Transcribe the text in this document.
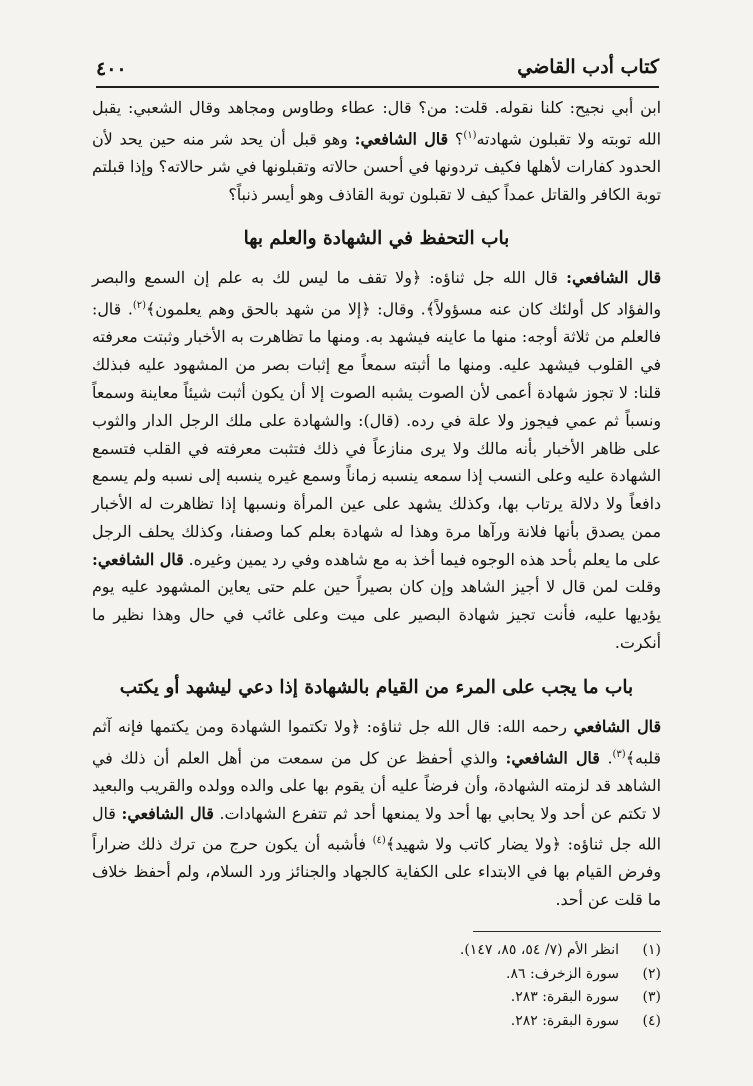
كتاب أدب القاضي
٤٠٠

ابن أبي نجيح: كلنا نقوله. قلت: من؟ قال: عطاء وطاوس ومجاهد وقال الشعبي: يقبل الله توبته ولا تقبلون شهادته$^{(١)}$؟ قال الشافعي: وهو قبل أن يحد شر منه حين يحد لأن الحدود كفارات لأهلها فكيف تردونها في أحسن حالاته وتقبلونها في شر حالاته؟ وإذا قبلتم توبة الكافر والقاتل عمداً كيف لا تقبلون توبة القاذف وهو أيسر ذنباً؟

باب التحفظ في الشهادة والعلم بها

قال الشافعي: قال الله جل ثناؤه: ﴿ولا تقف ما ليس لك به علم إن السمع والبصر والفؤاد كل أولئك كان عنه مسؤولاً﴾. وقال: ﴿إلا من شهد بالحق وهم يعلمون﴾$^{(٢)}$. قال: فالعلم من ثلاثة أوجه: منها ما عاينه فيشهد به. ومنها ما تظاهرت به الأخبار وثبتت معرفته في القلوب فيشهد عليه. ومنها ما أثبته سمعاً مع إثبات بصر من المشهود عليه فبذلك قلنا: لا تجوز شهادة أعمى لأن الصوت يشبه الصوت إلا أن يكون أثبت شيئاً معاينة وسمعاً ونسباً ثم عمي فيجوز ولا علة في رده. (قال): والشهادة على ملك الرجل الدار والثوب على ظاهر الأخبار بأنه مالك ولا يرى منازعاً في ذلك فتثبت معرفته في القلب فتسمع الشهادة عليه وعلى النسب إذا سمعه ينسبه زماناً وسمع غيره ينسبه إلى نسبه ولم يسمع دافعاً ولا دلالة يرتاب بها، وكذلك يشهد على عين المرأة ونسبها إذا تظاهرت له الأخبار ممن يصدق بأنها فلانة ورآها مرة وهذا له شهادة بعلم كما وصفنا، وكذلك يحلف الرجل على ما يعلم بأحد هذه الوجوه فيما أخذ به مع شاهده وفي رد يمين وغيره. قال الشافعي: وقلت لمن قال لا أجيز الشاهد وإن كان بصيراً حين علم حتى يعاين المشهود عليه يوم يؤديها عليه، فأنت تجيز شهادة البصير على ميت وعلى غائب في حال وهذا نظير ما أنكرت.

باب ما يجب على المرء من القيام بالشهادة إذا دعي ليشهد أو يكتب

قال الشافعي رحمه الله: قال الله جل ثناؤه: ﴿ولا تكتموا الشهادة ومن يكتمها فإنه آثم قلبه﴾$^{(٣)}$. قال الشافعي: والذي أحفظ عن كل من سمعت من أهل العلم أن ذلك في الشاهد قد لزمته الشهادة، وأن فرضاً عليه أن يقوم بها على والده وولده والقريب والبعيد لا تكتم عن أحد ولا يحابي بها أحد ولا يمنعها أحد ثم تتفرع الشهادات. قال الشافعي: قال الله جل ثناؤه: ﴿ولا يضار كاتب ولا شهيد﴾$^{(٤)}$ فأشبه أن يكون حرج من ترك ذلك ضراراً وفرض القيام بها في الابتداء على الكفاية كالجهاد والجنائز ورد السلام، ولم أحفظ خلاف ما قلت عن أحد.

(١)انظر الأم (٧/ ٥٤، ٨٥، ١٤٧).

(٢)سورة الزخرف: ٨٦.

(٣)سورة البقرة: ٢٨٣.

(٤)سورة البقرة: ٢٨٢.
